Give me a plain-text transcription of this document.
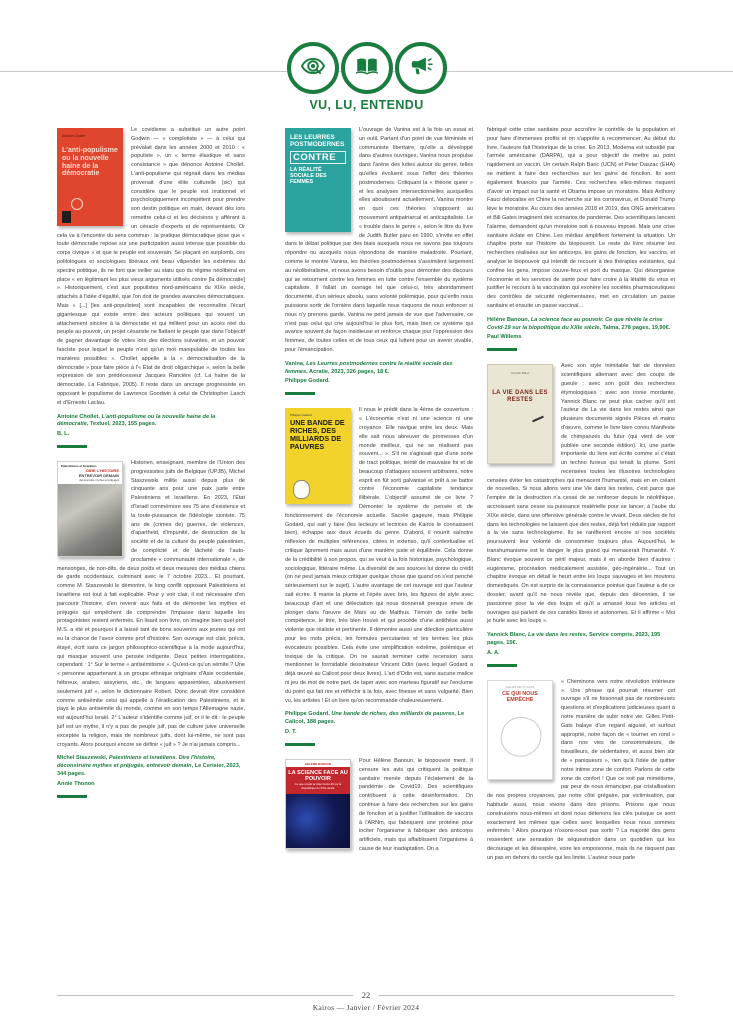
VU, LU, ENTENDU
Antoine Chollet
L'anti-populisme ou la nouvelle haine de la démocratie

Le covidisme a substitué un autre point Godwin — « complotiste » — à celui qui prévalait dans les années 2000 et 2010 : « populiste », un « terme élastique et sans consistance » que dénonce Antoine Chollet. L'anti-populisme qui régnait dans les médias provenait d'une élite culturelle (sic) qui considère que le peuple est irrationnel et psychologiquement incompétent pour prendre son destin politique en main, devant dès lors remettre celui-ci et les décisions y afférant à un cénacle d'experts et de représentants. Or cela va à l'encontre du sens commun : la pratique démocratique pose que « toute démocratie repose sur une participation aussi intense que possible du corps civique » et que le peuple est souverain. Se plaçant en surplomb, ces politologues et sociologues libéraux ont beau vilipender les extrêmes du spectre politique, ils ne font que veiller au statu quo du régime néolibéral en place « en légitimant les plus vieux arguments utilisés contre [la démocratie] ». Historiquement, c'est aux populistes nord-américains du XIXe siècle, attachés à l'idée d'égalité, que l'on doit de grandes avancées démocratiques. Mais « [...] [les anti-populistes] sont incapables de reconnaître l'écart gigantesque qui existe entre des acteurs politiques qui vouent un attachement sincère à la démocratie et qui militent pour un accès réel du peuple au pouvoir, un projet césariste ne flattant le peuple que dans l'objectif de gagner davantage de votes lors des élections suivantes, et un pouvoir fasciste pour lequel le peuple n'est qu'un mot manipulable de toutes les manières possibles ». Chollet appelle à la « démocratisation de la démocratie » pour faire pièce à l'« État de droit oligarchique », selon la belle expression de son prédécesseur Jacques Rancière (cf. La haine de la démocratie, La Fabrique, 2005). Il reste dans un ancrage progressiste en opposant le populisme de Lawrence Goodwin à celui de Christopher Lasch et d'Ernesto Laclau.

Antoine Chollet, L'anti-populisme ou la nouvelle haine de la démocratie, Textuel, 2023, 155 pages.

B. L.
Palestiniens et Israéliens
DIRE L'HISTOIRE
ENTREVOIR DEMAIN
déconstruire mythes et préjugés

Historien, enseignant, membre de l'Union des progressistes juifs de Belgique (UPJB), Michel Staszewski milite aussi depuis plus de cinquante ans pour une paix juste entre Palestiniens et Israéliens. En 2023, l'État d'Israël commémore ses 75 ans d'existence et la toute-puissance de l'idéologie sioniste. 75 ans de (crimes de) guerres, de violences, d'apartheid, d'impunité, de destruction de la société et de la culture du peuple palestinien, de complicité et de lâcheté de l'auto-proclamée « communauté internationale », de mensonges, de non-dits, de deux poids et deux mesures des médias chiens de garde occidentaux, culminant avec le 7 octobre 2023... Et pourtant, comme M. Staszewski le démontre, le long conflit opposant Palestiniens et Israéliens est tout à fait explicable. Pour y voir clair, il est nécessaire d'en parcourir l'histoire, d'en revenir aux faits et de démonter les mythes et préjugés qui empêchent de comprendre l'impasse dans laquelle les protagonistes restent enfermés. En lisant son livre, on imagine bien quel prof M.S. a été et pourquoi il a laissé tant de bons souvenirs aux jeunes qui ont eu la chance de l'avoir comme prof d'histoire. Son ouvrage est clair, précis, étayé, écrit sans ce jargon philosophico-scientifique à la mode aujourd'hui, qui masque souvent une pensée indigente. Deux petites interrogations, cependant : 1° Sur le terme « antisémitisme ». Qu'est-ce qu'un sémite ? Une « personne appartenant à un groupe ethnique originaire d'Asie occidentale, hébreux, arabes, assyriens, etc., de langues apparentées, abusivement seulement juif », selon le dictionnaire Robert. Donc devrait être considéré comme antisémite celui qui appelle à l'éradication des Palestiniens, et le pays le plus antisémite du monde, comme en son temps l'Allemagne nazie, est aujourd'hui Israël. 2° L'auteur s'identifie comme juif, or il le dit : le peuple juif est un mythe, il n'y a pas de peuple juif, pas de culture juive universelle exceptée la religion, mais de nombreux juifs, dont lui-même, ne sont pas croyants. Alors pourquoi encore se définir « juif » ? Je n'ai jamais compris...

Michel Staszewski, Palestiniens et Israéliens. Dire l'histoire, déconstruire mythes et préjugés, entrevoir demain, Le Cerisier, 2023, 344 pages.

Annie Thonon
LES LEURRES POSTMODERNES
CONTRE
LA RÉALITÉ SOCIALE DES FEMMES

L'ouvrage de Vanina est à la fois un essai et un outil. Partant d'un point de vue féministe et communiste libertaire, qu'elle a développé dans d'autres ouvrages, Vanina nous propulse dans l'arène des luttes autour du genre, telles qu'elles évoluent sous l'effet des théories postmodernes. Critiquant la « théorie queer » et les analyses intersectionnelles auxquelles elles aboutissent actuellement, Vanina montre en quoi ces théories s'opposent au mouvement antipatriarcal et anticapitaliste. Le « trouble dans le genre », selon le titre du livre de Judith Butler paru en 1990, s'invite en effet dans le débat politique par des biais auxquels nous ne savons pas toujours répondre ou auxquels nous répondons de manière maladroite. Pourtant, comme le montre Vanina, les théories postmodernes s'assimilent largement au néolibéralisme, et nous avons besoin d'outils pour démonter des discours qui se retournent contre les femmes en lutte contre l'ensemble du système capitaliste. Il fallait un ouvrage tel que celui-ci, très abondamment documenté, d'un sérieux absolu, sans volonté polémique, pour qu'enfin nous puissions sortir de l'ornière dans laquelle nous risquons de nous enfoncer si nous n'y prenons garde. Vanina ne perd jamais de vue que l'adversaire, ce n'est pas celui qui crie aujourd'hui le plus fort, mais bien ce système qui avance souvent de façon insidieuse et renforce chaque jour l'oppression des femmes, de toutes celles et de tous ceux qui luttent pour un avenir vivable, pour l'émancipation.

Vanina, Les Leurres postmodernes contre la réalité sociale des femmes, Acratie, 2023, 326 pages, 18 €.

Philippe Godard.
Philippe Godard
UNE BANDE DE RICHES, DES MILLIARDS DE PAUVRES

Il nous le prédit dans la 4ème de couverture : « L'économie n'est ni une science ni une croyance. Elle navigue entre les deux. Mais elle sait nous abreuver de promesses d'un monde meilleur, qui ne se réalisent pas souvent... ». S'il ne s'agissait que d'une sorte de tract politique, teinté de mauvaise foi et de beaucoup d'attaques souvent arbitraires, notre esprit en fût sorti galvanisé et prêt à se battre contre l'économie capitaliste tendance illibérale. L'objectif assumé de ce livre ? Démonter le système de pensée et de fonctionnement de l'économie actuelle. Sacrée gageure, mais Philippe Godard, qui sait y faire (les lecteurs et lectrices de Kairos le connaissent bien), échappe aux deux écueils du genre. D'abord, il nourrit sa/notre réflexion de multiples références, citées in extenso, qu'il contextualise et critique âprement mais aussi d'une manière juste et équilibrée. Cela donne de la crédibilité à son propos, qui se veut à la fois historique, psychologique, sociologique, littéraire même. La diversité de ses sources lui donne du crédit (on ne peut jamais mieux critiquer quelque chose que quand on s'est penché sérieusement sur le sujet). L'autre avantage de cet ouvrage est que l'auteur sait écrire. Il manie la plume et l'épée avec brio, les figures de style avec beaucoup d'art et une délectation qui nous donnerait presque envie de plonger dans l'œuvre de Marx ou de Malthus. Témoin de cette belle compétence, le titre, très bien trouvé et qui procède d'une antithèse aussi violente que réaliste et pertinente. Il démontre aussi une dilection particulière pour les mots précis, les formules percutantes et les termes les plus évocateurs possibles. Cela évite une simplification extrême, polémique et toxique de la critique. On ne saurait terminer cette recension sans mentionner le formidable dessinateur Vincent Odin (avec lequel Godard a déjà œuvré au Calicot pour deux livres). L'art d'Odin est, sans aucune malice ni jeu de mot de notre part, de taper avec son marteau figuratif sur l'enclume du point qui fait rire et réfléchir à la fois, avec finesse et sans vulgarité. Bien vu, les artistes ! Et un livre qu'on recommande chaleureusement.

Philippe Godard, Une bande de riches, des milliards de pauvres, Le Calicot, 188 pages.

D. T.
HÉLÈNE BANOUN
LA SCIENCE FACE AU POUVOIR
Ce que révèle la crise Covid-19 sur la biopolitique du XXIe siècle

Pour Hélène Banoun, le biopouvoir ment. Il censure les avis qui critiquent la politique sanitaire menée depuis l'éclatement de la pandémie de Covid19. Des scientifiques contribuent à cette désinformation. On continue à faire des recherches sur les gains de fonction et à justifier l'utilisation de vaccins à l'ARNm, qui fabriquent une protéine pour inciter l'organisme à fabriquer des anticorps artificiels, mais qui affaiblissent l'organisme à cause de leur inadaptation. On a

fabriqué cette crise sanitaire pour accroître le contrôle de la population et pour faire d'immenses profits et on s'apprête à recommencer. Au début du livre, l'auteure fait l'historique de la crise. En 2013, Moderna est subsidié par l'armée américaine (DARPA), qui a pour objectif de mettre au point rapidement un vaccin. Un certain Ralph Baric (UCN) et Peter Daszac (EHA) se mettent à faire des recherches sur les gains de fonction. Ils sont également financés par l'armée. Ces recherches elles-mêmes risquent d'avoir un impact sur la santé et Obama impose un moratoire. Mais Anthony Fauci délocalise en Chine la recherche sur les coronavirus, et Donald Trump lève le moratoire. Au cours des années 2018 et 2019, des ONG américaines et Bill Gates imaginent des scénarios de pandémie. Des scientifiques lancent l'alarme, demandent qu'un moratoire soit à nouveau imposé. Mais une crise sanitaire éclate en Chine. Les médias amplifient fortement la situation. Un chapitre porte sur l'histoire du biopouvoir. Le reste du livre résume les recherches réalisées sur les anticorps, les gains de fonction, les vaccins, et analyse le biopouvoir qui interdit de recourir à des thérapies existantes, qui confine les gens, impose couvre-feux et port du masque. Qui désorganise l'économie et les services de santé pour faire croire à la létalité du virus et justifier le recours à la vaccination qui exonère les sociétés pharmaceutiques des contrôles de sécurité réglementaires, met en circulation un passe sanitaire et ensuite un passe vaccinal...

Hélène Banoun, La science face au pouvoir. Ce que révèle la crise Covid-19 sur la biopolitique du XXIe siècle, Talma, 278 pages, 19,90€.

Paul Willems
Yannick Blanc
LA VIE DANS LES RESTES

Avec son style inimitable fait de données scientifiques alternant avec des coups de gueule ; avec son goût des recherches étymologiques ; avec son ironie mordante, Yannick Blanc ne peut plus cacher qu'il est l'auteur de La vie dans les restes ainsi que plusieurs documents signés Pièces et mains d'œuvre, comme le livre bien connu Manifeste de chimpanzés du futur (qui vient de voir publiée une seconde édition). Ici, une partie importante du livre est écrite comme si c'était un techno furieux qui tenait la plume. Sont recensées toutes les illusoires technologies censées éviter les catastrophes qui menacent l'humanité, mais en en créant de nouvelles. Si nous allons vers une Vie dans les restes, c'est parce que l'empire de la destruction n'a cessé de se renforcer depuis le néolithique, accroissant sans cesse sa puissance matérielle pour se lancer, à l'aube du XIXe siècle, dans une offensive générale contre le vivant. Deux siècles de foi dans les technologies ne laissent que des restes, déjà fort réduits par rapport à la vie sans technologisme. Ils se raréfieront encore si nos sociétés poursuivent leur volonté de consommer toujours plus. Aujourd'hui, le transhumanisme est le danger le plus grand qui menacerait l'humanité. Y. Blanc évoque souvent ce péril majeur, mais il en aborde bien d'autres : eugénisme, procréation médicalement assistée, géo-ingéniérie... Tout un chapitre évoque en détail le heurt entre les loups sauvages et les moutons domestiqués. On est surpris de la connaissance pointue que l'auteur a de ce dossier, avant qu'il ne nous révèle que, depuis des décennies, il se passionne pour la vie des loups et qu'il a amassé tous les articles et ouvrages qui parlent de ces canidés libres et autonomes. Et il affirme « Moi je hurle avec les loups ».

Yannick Blanc, La vie dans les restes, Service compris, 2023, 195 pages, 15€.

A. A.
GILLES PETIT-GATS
CE QUI NOUS EMPÊCHE

« Cheminons vers notre révolution intérieure ». Une phrase qui pourrait résumer cet ouvrage s'il ne foisonnait pas de nombreuses questions et d'explications judicieuses quant à notre manière de subir notre vie. Gilles Petit-Gats balaye d'un regard aiguisé, et surtout approprié, notre façon de « tourner en rond » dans nos vies de consommateurs, de travailleurs, de sédentaires, et aussi bien sûr de « paniqueurs », rien qu'à l'idée de quitter notre intime zone de confort. Parlons de cette zone de confort ! Que ce soit par mimétisme, par peur de nous émanciper, par cristallisation de nos propres croyances, par notre côté grégaire, par victimisation, par habitude aussi, nous vivons dans des prisons. Prisons que nous construisons nous-mêmes et dont nous détenons les clés puisque ce sont exactement les mêmes que celles avec lesquelles nous nous sommes enfermés ! Alors pourquoi n'osons-nous pas sortir ? La majorité des gens ressentent une sensation de séquestration dans un quotidien qui les décourage et les désespère, voire les empoisonne, mais ils ne risquent pas un pas en dehors du cercle qui les limite. L'auteur nous parle

22
Kairos — Janvier / Février 2024
